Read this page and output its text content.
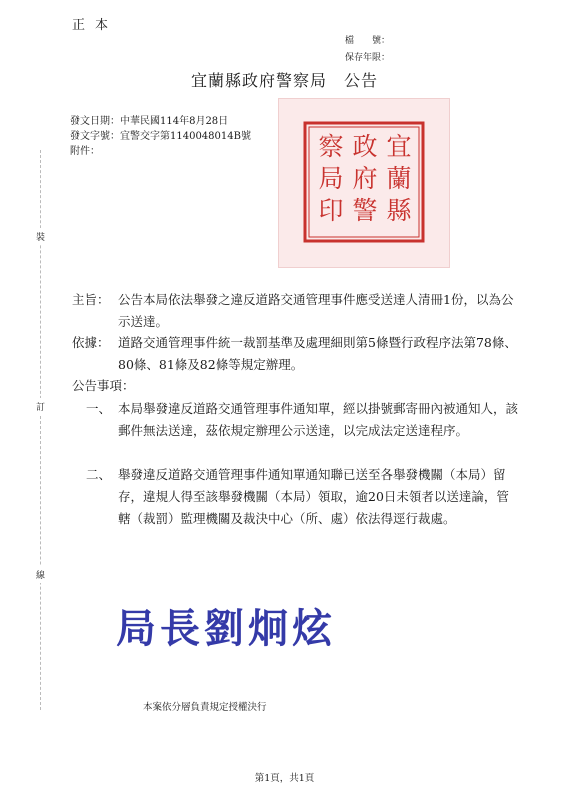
正本
檔　　號：
保存年限：
宜蘭縣政府警察局　公告
發文日期：中華民國114年8月28日
發文字號：宜警交字第1140048014B號
附件：	宜
蘭
縣
政
府
警
察
局
印
裝
訂
線
主旨： 公告本局依法舉發之違反道路交通管理事件應受送達人清冊1份，以為公示送達。
依據： 道路交通管理事件統一裁罰基準及處理細則第5條暨行政程序法第78條、80條、81條及82條等規定辦理。
公告事項：
一、 本局舉發違反道路交通管理事件通知單，經以掛號郵寄冊內被通知人，該郵件無法送達，茲依規定辦理公示送達，以完成法定送達程序。
二、 舉發違反道路交通管理事件通知單通知聯已送至各舉發機關（本局）留存，違規人得至該舉發機關（本局）領取，逾20日未領者以送達論，管轄（裁罰）監理機關及裁決中心（所、處）依法得逕行裁處。
局長劉炯炫
本案依分層負責規定授權決行
第1頁，共1頁
